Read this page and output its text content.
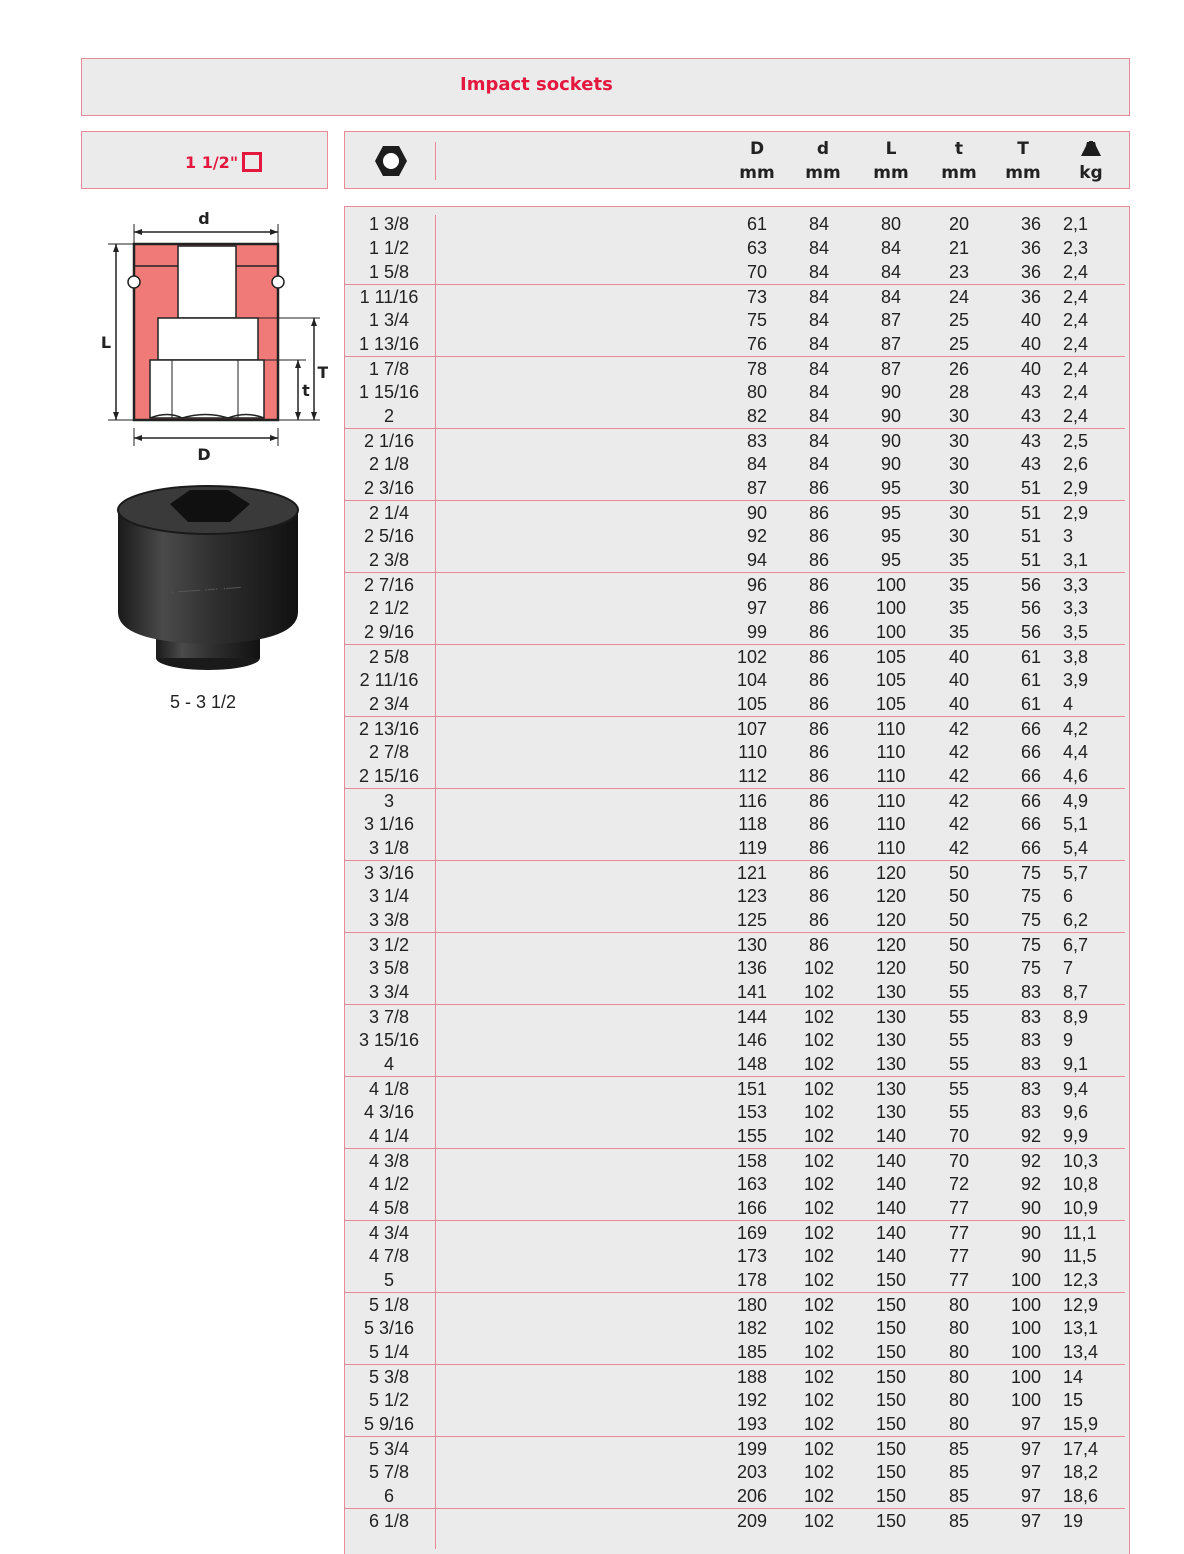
Impact sockets
1 1/2"
D
mm
d
mm
L
mm
t
mm
T
mm	kg
1 3/8	61	84	80	20	36 2,1
1 1/2	63	84	84	21	36 2,3
1 5/8	70	84	84	23	36 2,4
1 11/16	73	84	84	24	36 2,4
1 3/4	75	84	87	25	40 2,4
1 13/16	76	84	87	25	40 2,4
1 7/8	78	84	87	26	40 2,4
1 15/16	80	84	90	28	43 2,4
2	82	84	90	30	43 2,4
2 1/16	83	84	90	30	43 2,5
2 1/8	84	84	90	30	43 2,6
2 3/16	87	86	95	30	51 2,9
2 1/4	90	86	95	30	51 2,9
2 5/16	92	86	95	30	51 3
2 3/8	94	86	95	35	51 3,1
2 7/16	96	86	100	35	56 3,3
2 1/2	97	86	100	35	56 3,3
2 9/16	99	86	100	35	56 3,5
2 5/8	102	86	105	40	61 3,8
2 11/16	104	86	105	40	61 3,9
2 3/4	105	86	105	40	61 4
2 13/16	107	86	110	42	66 4,2
2 7/8	110	86	110	42	66 4,4
2 15/16	112	86	110	42	66 4,6
3	116	86	110	42	66 4,9
3 1/16	118	86	110	42	66 5,1
3 1/8	119	86	110	42	66 5,4
3 3/16	121	86	120	50	75 5,7
3 1/4	123	86	120	50	75 6
3 3/8	125	86	120	50	75 6,2
3 1/2	130	86	120	50	75 6,7
3 5/8	136	102	120	50	75 7
3 3/4	141	102	130	55	83 8,7
3 7/8	144	102	130	55	83 8,9
3 15/16	146	102	130	55	83 9
4	148	102	130	55	83 9,1
4 1/8	151	102	130	55	83 9,4
4 3/16	153	102	130	55	83 9,6
4 1/4	155	102	140	70	92 9,9
4 3/8	158	102	140	70	92 10,3
4 1/2	163	102	140	72	92 10,8
4 5/8	166	102	140	77	90 10,9
4 3/4	169	102	140	77	90 11,1
4 7/8	173	102	140	77	90 11,5
5	178	102	150	77	100 12,3
5 1/8	180	102	150	80	100 12,9
5 3/16	182	102	150	80	100 13,1
5 1/4	185	102	150	80	100 13,4
5 3/8	188	102	150	80	100 14
5 1/2	192	102	150	80	100 15
5 9/16	193	102	150	80	97 15,9
5 3/4	199	102	150	85	97 17,4
5 7/8	203	102	150	85	97 18,2
6	206	102	150	85	97 18,6
6 1/8	209	102	150	85	97 19
d
L
t
T
D
· ─── ·─· ·──
5 - 3 1/2
